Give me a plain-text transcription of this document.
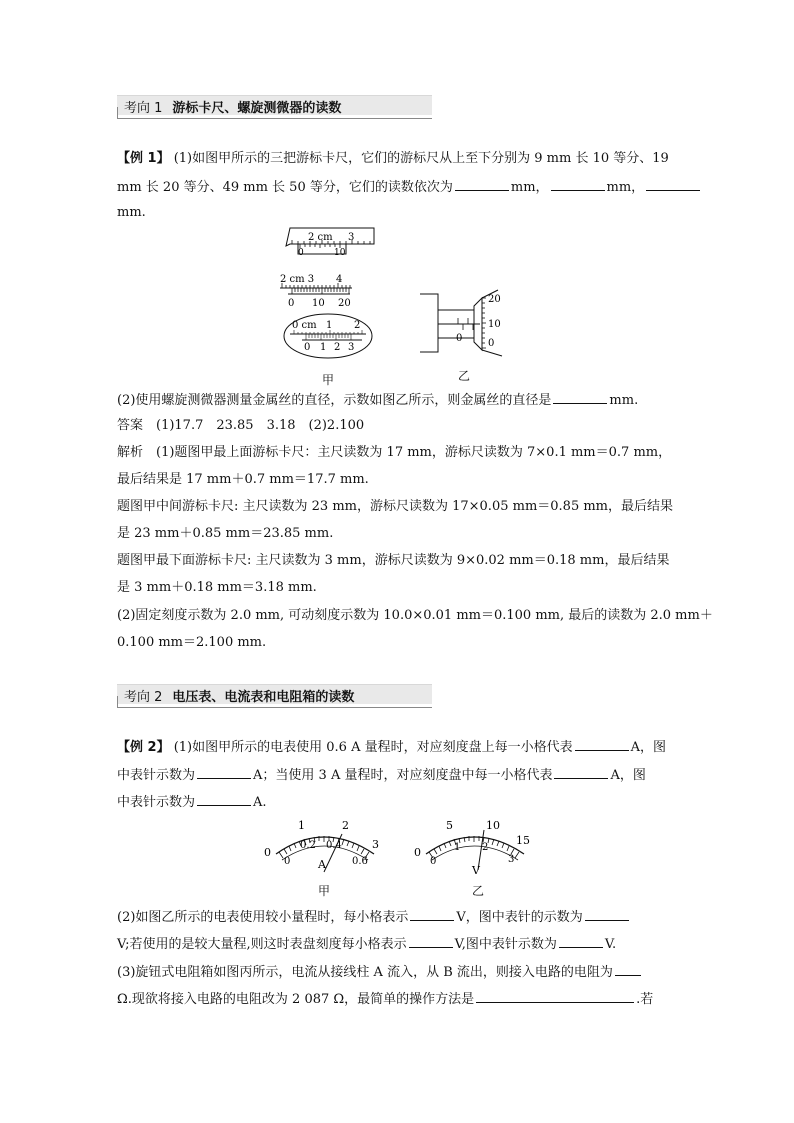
考向 1 游标卡尺、螺旋测微器的读数
【例 1】 (1)如图甲所示的三把游标卡尺，它们的游标尺从上至下分别为 9 mm 长 10 等分、19
mm 长 20 等分、49 mm 长 50 等分，它们的读数依次为	mm，	mm，
mm.
2 cm 3
0	10
2 cm 3 4
0 10 20
0 cm 1 2
0 1 2 3
甲
0
20
10
0
乙
(2)使用螺旋测微器测量金属丝的直径，示数如图乙所示，则金属丝的直径是	mm.
答案　(1)17.7　23.85　3.18　(2)2.100
解析　(1)题图甲最上面游标卡尺：主尺读数为 17 mm，游标尺读数为 7×0.1 mm＝0.7 mm，
最后结果是 17 mm＋0.7 mm＝17.7 mm.
题图甲中间游标卡尺: 主尺读数为 23 mm，游标尺读数为 17×0.05 mm＝0.85 mm，最后结果
是 23 mm＋0.85 mm＝23.85 mm.
题图甲最下面游标卡尺: 主尺读数为 3 mm，游标尺读数为 9×0.02 mm＝0.18 mm，最后结果
是 3 mm＋0.18 mm＝3.18 mm.
(2)固定刻度示数为 2.0 mm, 可动刻度示数为 10.0×0.01 mm＝0.100 mm, 最后的读数为 2.0 mm＋
0.100 mm＝2.100 mm.
考向 2 电压表、电流表和电阻箱的读数
【例 2】 (1)如图甲所示的电表使用 0.6 A 量程时，对应刻度盘上每一小格代表	A，图
中表针示数为	A；当使用 3 A 量程时，对应刻度盘中每一小格代表	A，图
中表针示数为	A.
0
1	2
3
0
0.2 0.4
0.6
A
甲
0
5	10
15
0
1 2
3
V
乙
(2)如图乙所示的电表使用较小量程时，每小格表示	V，图中表针的示数为
V;若使用的是较大量程,则这时表盘刻度每小格表示	V,图中表针示数为	V.
(3)旋钮式电阻箱如图丙所示，电流从接线柱 A 流入，从 B 流出，则接入电路的电阻为
Ω.现欲将接入电路的电阻改为 2 087 Ω，最简单的操作方法是	.若
